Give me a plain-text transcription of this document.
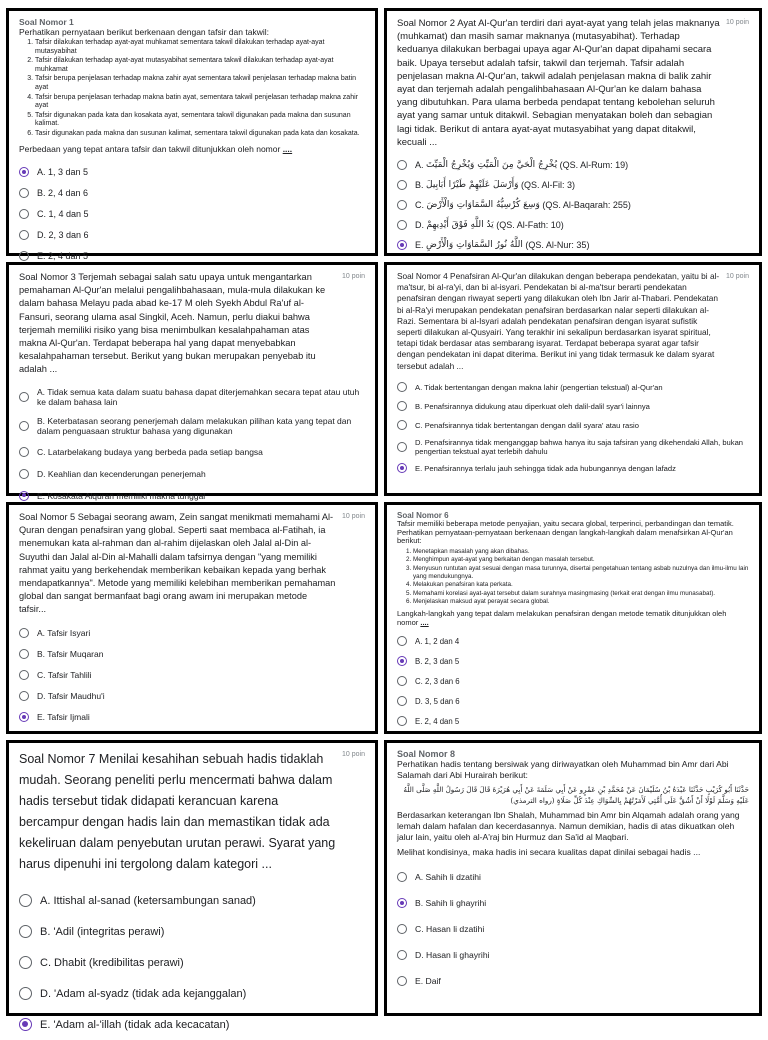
Soal Nomor 1
Perhatikan pernyataan berikut berkenaan dengan tafsir dan takwil:
1. Tafsir dilakukan terhadap ayat-ayat muhkamat sementara takwil dilakukan terhadap ayat-ayat mutasyabihat
2. Tafsir dilakukan terhadap ayat-ayat mutasyabihat sementara takwil dilakukan terhadap ayat-ayat muhkamat
3. Tafsir berupa penjelasan terhadap makna zahir ayat sementara takwil penjelasan terhadap makna batin ayat
4. Tafsir berupa penjelasan terhadap makna batin ayat, sementara takwil penjelasan terhadap makna zahir ayat
5. Tafsir digunakan pada kata dan kosakata ayat, sementara takwil digunakan pada makna dan susunan kalimat.
6. Tasir digunakan pada makna dan susunan kalimat, sementara takwil digunakan pada kata dan kosakata.
Perbedaan yang tepat antara tafsir dan takwil ditunjukkan oleh nomor ....
A. 1, 3 dan 5
B. 2, 4 dan 6
C. 1, 4 dan 5
D. 2, 3 dan 6
E. 2, 4 dan 5
Soal Nomor 2 Ayat Al-Qur'an terdiri dari ayat-ayat yang telah jelas maknanya (muhkamat) dan masih samar maknanya (mutasyabihat). Terhadap keduanya dilakukan berbagai upaya agar Al-Qur'an dapat dipahami secara baik. Upaya tersebut adalah tafsir, takwil dan terjemah. Tafsir adalah penjelasan makna Al-Qur'an, takwil adalah penjelasan makna di balik zahir ayat dan terjemah adalah pengalihbahasaan Al-Qur'an ke dalam bahasa yang dibutuhkan. Para ulama berbeda pendapat tentang kebolehan seluruh ayat yang samar untuk ditakwil. Sebagian menyatakan boleh dan sebagian lagi tidak. Berikut di antara ayat-ayat mutasyabihat yang dapat ditakwil, kecuali ...
10 poin
A.
يُخْرِجُ الْحَيَّ مِنَ الْمَيِّتِ وَيُخْرِجُ الْمَيِّتَ
(QS. Al-Rum: 19)
B.
وَأَرْسَلَ عَلَيْهِمْ طَيْرًا أَبَابِيلَ
(QS. Al-Fil: 3)
C.
وَسِعَ كُرْسِيُّهُ السَّمَاوَاتِ وَالْأَرْضَ
(QS. Al-Baqarah: 255)
D.
يَدُ اللَّهِ فَوْقَ أَيْدِيهِمْ
(QS. Al-Fath: 10)
E.
اللَّهُ نُورُ السَّمَاوَاتِ وَالْأَرْضِ
(QS. Al-Nur: 35)
Soal Nomor 3 Terjemah sebagai salah satu upaya untuk mengantarkan pemahaman Al-Qur'an melalui pengalihbahasaan, mula-mula dilakukan ke dalam bahasa Melayu pada abad ke-17 M oleh Syekh Abdul Ra'uf al-Fansuri, seorang ulama asal Singkil, Aceh. Namun, perlu diakui bahwa terjemah memiliki risiko yang bisa menimbulkan kesalahpahaman atas makna Al-Qur'an. Terdapat beberapa hal yang dapat menyebabkan kesalahpahaman tersebut. Berikut yang bukan merupakan penyebab itu adalah ...
10 poin
A. Tidak semua kata dalam suatu bahasa dapat diterjemahkan secara tepat atau utuh ke dalam bahasa lain
B. Keterbatasan seorang penerjemah dalam melakukan pilihan kata yang tepat dan dalam penguasaan struktur bahasa yang digunakan
C. Latarbelakang budaya yang berbeda pada setiap bangsa
D. Keahlian dan kecenderungan penerjemah
E. Kosakata Alquran memiliki makna tunggal
Soal Nomor 4 Penafsiran Al-Qur'an dilakukan dengan beberapa pendekatan, yaitu bi al-ma'tsur, bi al-ra'yi, dan bi al-isyari. Pendekatan bi al-ma'tsur berarti pendekatan penafsiran dengan riwayat seperti yang dilakukan oleh Ibn Jarir al-Thabari. Pendekatan bi al-Ra'yi merupakan pendekatan penafsiran berdasarkan nalar seperti dilakukan al-Razi. Sementara bi al-Isyari adalah pendekatan penafsiran dengan isyarat sufistik seperti dilakukan al-Qusyairi. Yang terakhir ini sekalipun berdasarkan isyarat spiritual, tetapi tidak berdasar atas sembarang isyarat. Terdapat beberapa syarat agar tafsir dengan pendekatan ini dapat diterima. Berikut ini yang tidak termasuk ke dalam syarat tersebut adalah ...
10 poin
A. Tidak bertentangan dengan makna lahir (pengertian tekstual) al-Qur'an
B. Penafsirannya didukung atau diperkuat oleh dalil-dalil syar'i lainnya
C. Penafsirannya tidak bertentangan dengan dalil syara' atau rasio
D. Penafsirannya tidak menganggap bahwa hanya itu saja tafsiran yang dikehendaki Allah, bukan pengertian tekstual ayat terlebih dahulu
E. Penafsirannya terlalu jauh sehingga tidak ada hubungannya dengan lafadz
Soal Nomor 5 Sebagai seorang awam, Zein sangat menikmati memahami Al-Quran dengan penafsiran yang global. Seperti saat membaca al-Fatihah, ia menemukan kata al-rahman dan al-rahim dijelaskan oleh Jalal al-Din al-Suyuthi dan Jalal al-Din al-Mahalli dalam tafsirnya dengan "yang memiliki rahmat yaitu yang berkehendak memberikan kebaikan kepada yang berhak mendapatkannya". Metode yang memiliki kelebihan memberikan pemahaman global dan sangat bermanfaat bagi orang awam ini merupakan metode tafsir...
10 poin
A. Tafsir Isyari
B. Tafsir Muqaran
C. Tafsir Tahlili
D. Tafsir Maudhu'i
E. Tafsir Ijmali
Soal Nomor 6
Tafsir memiliki beberapa metode penyajian, yaitu secara global, terperinci, perbandingan dan tematik. Perhatikan pernyataan-pernyataan berkenaan dengan langkah-langkah dalam menafsirkan Al-Qur'an berikut:
1. Menetapkan masalah yang akan dibahas.
2. Menghimpun ayat-ayat yang berkaitan dengan masalah tersebut.
3. Menyusun runtutan ayat sesuai dengan masa turunnya, disertai pengetahuan tentang asbab nuzulnya dan ilmu-ilmu lain yang mendukungnya.
4. Melakukan penafsiran kata perkata.
5. Memahami korelasi ayat-ayat tersebut dalam surahnya masingmasing (terkait erat dengan ilmu munasabat).
6. Menjelaskan maksud ayat perayat secara global.
Langkah-langkah yang tepat dalam melakukan penafsiran dengan metode tematik ditunjukkan oleh nomor ....
A. 1, 2 dan 4
B. 2, 3 dan 5
C. 2, 3 dan 6
D. 3, 5 dan 6
E. 2, 4 dan 5
Soal Nomor 7 Menilai kesahihan sebuah hadis tidaklah mudah. Seorang peneliti perlu mencermati bahwa dalam hadis tersebut tidak didapati kerancuan karena bercampur dengan hadis lain dan memastikan tidak ada kekeliruan dalam penyebutan urutan perawi. Syarat yang harus dipenuhi ini tergolong dalam kategori ...
10 poin
A. Ittishal al-sanad (ketersambungan sanad)
B. 'Adil (integritas perawi)
C. Dhabit (kredibilitas perawi)
D. 'Adam al-syadz (tidak ada kejanggalan)
E. 'Adam al-'illah (tidak ada kecacatan)
Soal Nomor 8
Perhatikan hadis tentang bersiwak yang diriwayatkan oleh Muhammad bin Amr dari Abi Salamah dari Abi Hurairah berikut:
حَدَّثَنَا أَبُو كُرَيْبٍ حَدَّثَنَا عَبْدَةُ بْنُ سُلَيْمَانَ عَنْ مُحَمَّدِ بْنِ عَمْرٍو عَنْ أَبِي سَلَمَةَ عَنْ أَبِي هُرَيْرَةَ قَالَ قَالَ رَسُولُ اللَّهِ صَلَّى اللَّهُ عَلَيْهِ وَسَلَّمَ لَوْلَا أَنْ أَشُقَّ عَلَى أُمَّتِي لَأَمَرْتُهُمْ بِالسِّوَاكِ عِنْدَ كُلِّ صَلَاةٍ (رواه الترمذي)
Berdasarkan keterangan Ibn Shalah, Muhammad bin Amr bin Alqamah adalah orang yang lemah dalam hafalan dan kecerdasannya. Namun demikian, hadis di atas dikuatkan oleh jalur lain, yaitu oleh al-A'raj bin Hurmuz dan Sa'id al Maqbari.
Melihat kondisinya, maka hadis ini secara kualitas dapat dinilai sebagai hadis ...
A. Sahih li dzatihi
B. Sahih li ghayrihi
C. Hasan li dzatihi
D. Hasan li ghayrihi
E. Daif
